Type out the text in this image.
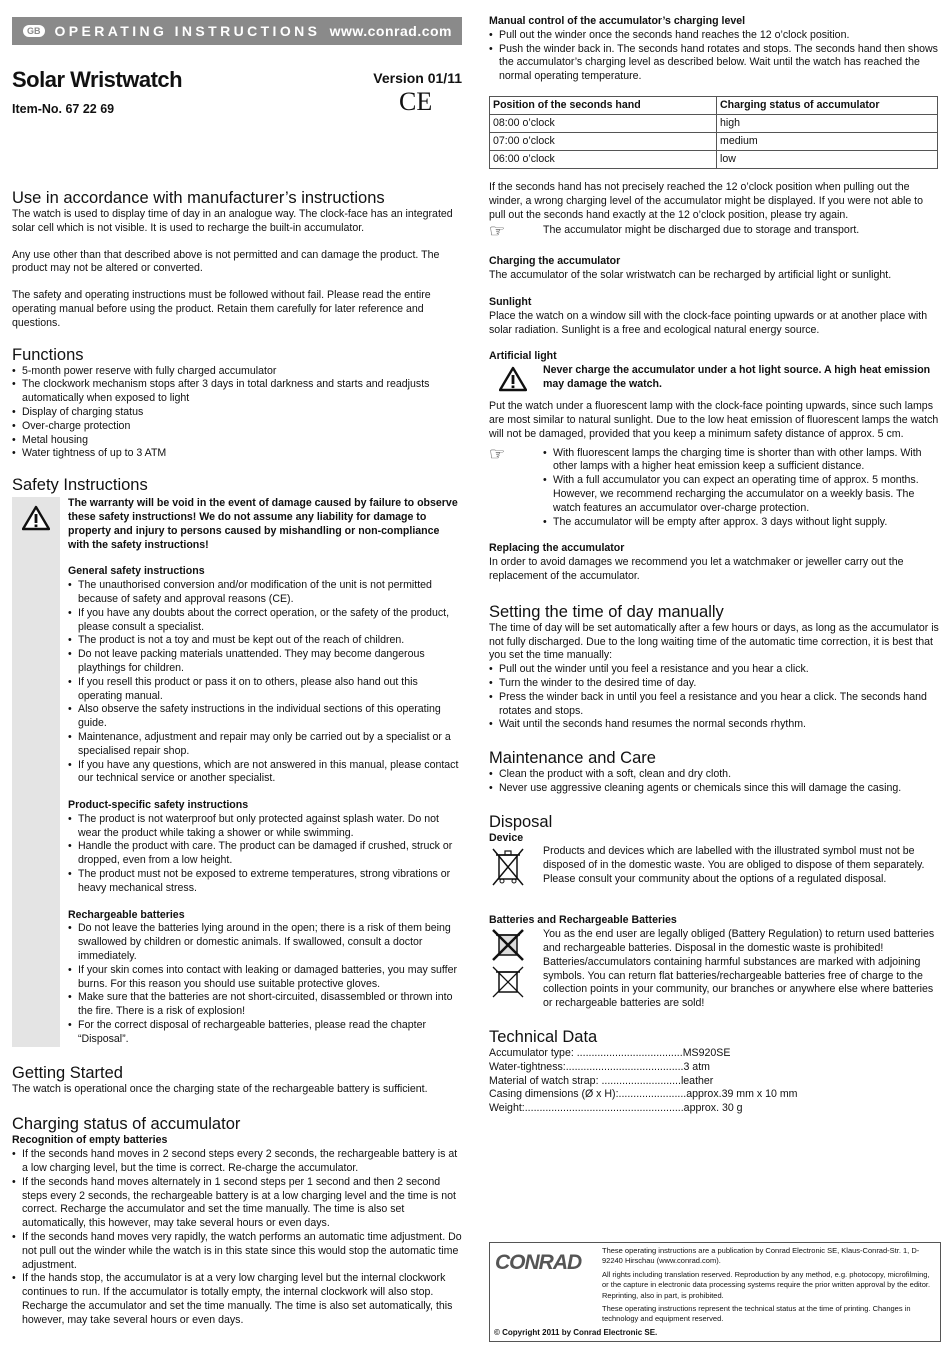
GB OPERATING INSTRUCTIONS www.conrad.com
Solar Wristwatch
Item-No. 67 22 69
Version 01/11
CE
Use in accordance with manufacturer’s instructions

The watch is used to display time of day in an analogue way. The clock-face has an integrated solar cell which is not visible. It is used to recharge the built-in accumulator.

Any use other than that described above is not permitted and can damage the product. The product may not be altered or converted.

The safety and operating instructions must be followed without fail. Please read the entire operating manual before using the product. Retain them carefully for later reference and questions.

Functions
• 5-month power reserve with fully charged accumulator
• The clockwork mechanism stops after 3 days in total darkness and starts and readjusts automatically when exposed to light
• Display of charging status
• Over-charge protection
• Metal housing
• Water tightness of up to 3 ATM
Safety Instructions

The warranty will be void in the event of damage caused by failure to observe these safety instructions! We do not assume any liability for damage to property and injury to persons caused by mishandling or non-compliance with the safety instructions!

General safety instructions

• The unauthorised conversion and/or modification of the unit is not permitted because of safety and approval reasons (CE).
• If you have any doubts about the correct operation, or the safety of the product, please consult a specialist.
• The product is not a toy and must be kept out of the reach of children.
• Do not leave packing materials unattended. They may become dangerous playthings for children.
• If you resell this product or pass it on to others, please also hand out this operating manual.
• Also observe the safety instructions in the individual sections of this operating guide.
• Maintenance, adjustment and repair may only be carried out by a specialist or a specialised repair shop.
• If you have any questions, which are not answered in this manual, please contact our technical service or another specialist.

Product-specific safety instructions

• The product is not waterproof but only protected against splash water. Do not wear the product while taking a shower or while swimming.
• Handle the product with care. The product can be damaged if crushed, struck or dropped, even from a low height.
• The product must not be exposed to extreme temperatures, strong vibrations or heavy mechanical stress.

Rechargeable batteries

• Do not leave the batteries lying around in the open; there is a risk of them being swallowed by children or domestic animals. If swallowed, consult a doctor immediately.
• If your skin comes into contact with leaking or damaged batteries, you may suffer burns. For this reason you should use suitable protective gloves.
• Make sure that the batteries are not short-circuited, disassembled or thrown into the fire. There is a risk of explosion!
• For the correct disposal of rechargeable batteries, please read the chapter “Disposal”.
Getting Started

The watch is operational once the charging state of the rechargeable battery is sufficient.

Charging status of accumulator

Recognition of empty batteries

• If the seconds hand moves in 2 second steps every 2 seconds, the rechargeable battery is at a low charging level, but the time is correct. Re-charge the accumulator.
• If the seconds hand moves alternately in 1 second steps per 1 second and then 2 second steps every 2 seconds, the rechargeable battery is at a low charging level and the time is not correct. Recharge the accumulator and set the time manually. The time is also set automatically, this however, may take several hours or even days.
• If the seconds hand moves very rapidly, the watch performs an automatic time adjustment. Do not pull out the winder while the watch is in this state since this would stop the automatic time adjustment.
• If the hands stop, the accumulator is at a very low charging level but the internal clockwork continues to run. If the accumulator is totally empty, the internal clockwork will also stop. Recharge the accumulator and set the time manually. The time is also set automatically, this however, may take several hours or even days.

Manual control of the accumulator’s charging level

• Pull out the winder once the seconds hand reaches the 12 o’clock position.
• Push the winder back in. The seconds hand rotates and stops. The seconds hand then shows the accumulator’s charging level as described below. Wait until the watch has reached the normal operating temperature.
Position of the seconds hand	Charging status of accumulator
08:00 o’clock	high
07:00 o’clock	medium
06:00 o’clock	low

If the seconds hand has not precisely reached the 12 o’clock position when pulling out the winder, a wrong charging level of the accumulator might be displayed. If you were not able to pull out the seconds hand exactly at the 12 o’clock position, please try again.

☞	The accumulator might be discharged due to storage and transport.

Charging the accumulator

The accumulator of the solar wristwatch can be recharged by artificial light or sunlight.

Sunlight

Place the watch on a window sill with the clock-face pointing upwards or at another place with solar radiation. Sunlight is a free and ecological natural energy source.

Artificial light

Never charge the accumulator under a hot light source. A high heat emission may damage the watch.

Put the watch under a fluorescent lamp with the clock-face pointing upwards, since such lamps are most similar to natural sunlight. Due to the low heat emission of fluorescent lamps the watch will not be damaged, provided that you keep a minimum safety distance of approx. 5 cm.

☞	• With fluorescent lamps the charging time is shorter than with other lamps. With other lamps with a higher heat emission keep a sufficient distance.
• With a full accumulator you can expect an operating time of approx. 5 months. However, we recommend recharging the accumulator on a weekly basis. The watch features an accumulator over-charge protection.
• The accumulator will be empty after approx. 3 days without light supply.

Replacing the accumulator

In order to avoid damages we recommend you let a watchmaker or jeweller carry out the replacement of the accumulator.

Setting the time of day manually

The time of day will be set automatically after a few hours or days, as long as the accumulator is not fully discharged. Due to the long waiting time of the automatic time correction, it is best that you set the time manually:

• Pull out the winder until you feel a resistance and you hear a click.
• Turn the winder to the desired time of day.
• Press the winder back in until you feel a resistance and you hear a click. The seconds hand rotates and stops.
• Wait until the seconds hand resumes the normal seconds rhythm.
Maintenance and Care
• Clean the product with a soft, clean and dry cloth.
• Never use aggressive cleaning agents or chemicals since this will damage the casing.
Disposal

Device

Products and devices which are labelled with the illustrated symbol must not be disposed of in the domestic waste. You are obliged to dispose of them separately. Please consult your community about the options of a regulated disposal.

Batteries and Rechargeable Batteries

You as the end user are legally obliged (Battery Regulation) to return used batteries and rechargeable batteries. Disposal in the domestic waste is prohibited! Batteries/accumulators containing harmful substances are marked with adjoining symbols. You can return flat batteries/rechargeable batteries free of charge to the collection points in your community, our branches or anywhere else where batteries or rechargeable batteries are sold!

Technical Data
Accumulator type: ....................................MS920SE
Water-tightness:........................................3 atm
Material of watch strap: ...........................leather
Casing dimensions (Ø x H):.......................approx.39 mm x 10 mm
Weight:......................................................approx. 30 g
CONRAD

These operating instructions are a publication by Conrad Electronic SE, Klaus-Conrad-Str. 1, D-92240 Hirschau (www.conrad.com).

All rights including translation reserved. Reproduction by any method, e.g. photocopy, microfilming, or the capture in electronic data processing systems require the prior written approval by the editor. Reprinting, also in part, is prohibited.

These operating instructions represent the technical status at the time of printing. Changes in technology and equipment reserved.

© Copyright 2011 by Conrad Electronic SE.
